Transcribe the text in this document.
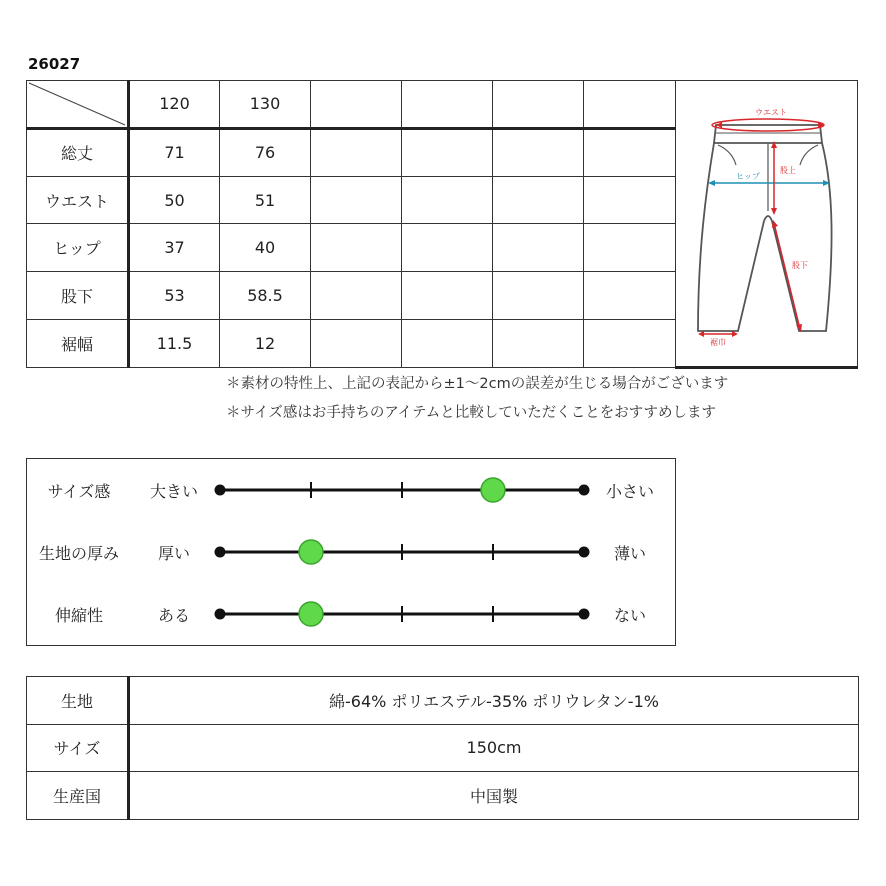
26027
	120	130					ウエスト
ヒップ
股上
股下
裾巾

総丈	71	76					
ウエスト	50	51					
ヒップ	37	40					
股下	53	58.5					
裾幅	11.5	12					
＊素材の特性上、上記の表記から±1～2cmの誤差が生じる場合がございます
＊サイズ感はお手持ちのアイテムと比較していただくことをおすすめします
サイズ感	大きい	小さい
生地の厚み	厚い	薄い
伸縮性	ある	ない
生地	綿-64% ポリエステル-35% ポリウレタン-1%
サイズ	150cm
生産国	中国製
